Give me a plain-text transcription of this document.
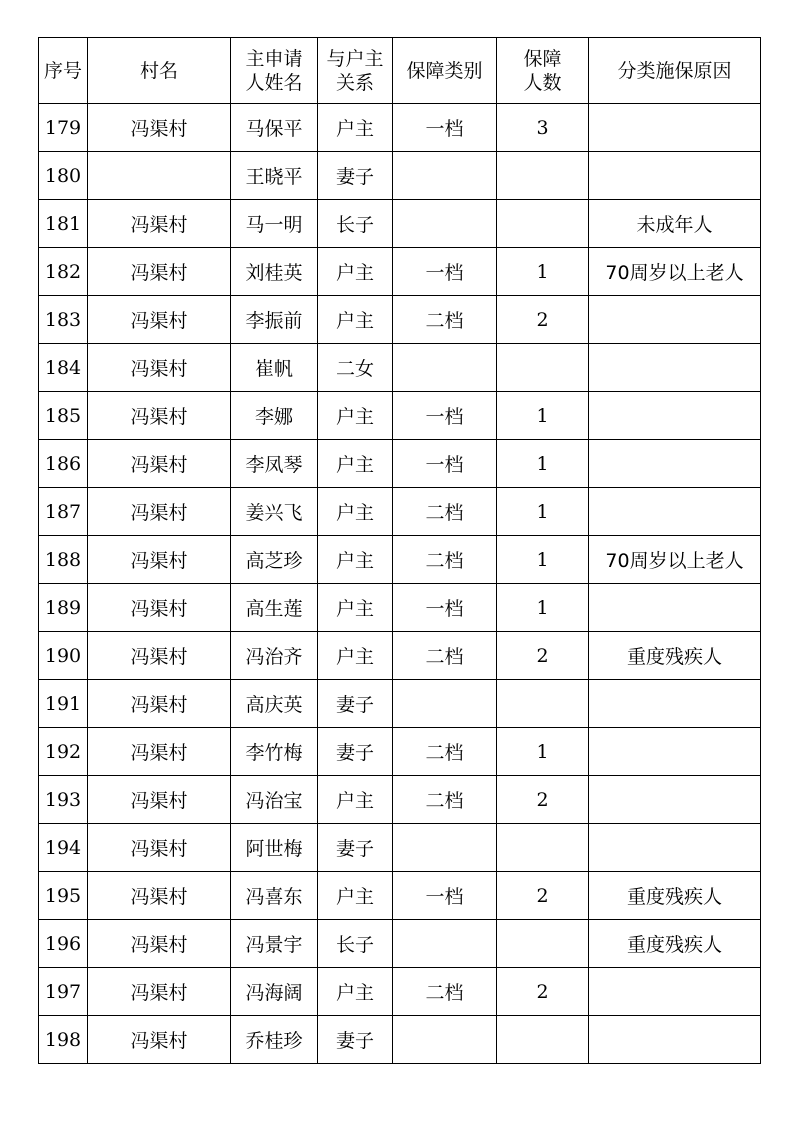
序号	村名	主申请人姓名	与户主关系	保障类别	保障人数	分类施保原因
179	冯渠村	马保平	户主	一档	3	
180		王晓平	妻子			
181	冯渠村	马一明	长子			未成年人
182	冯渠村	刘桂英	户主	一档	1	70周岁以上老人
183	冯渠村	李振前	户主	二档	2	
184	冯渠村	崔帆	二女			
185	冯渠村	李娜	户主	一档	1	
186	冯渠村	李凤琴	户主	一档	1	
187	冯渠村	姜兴飞	户主	二档	1	
188	冯渠村	高芝珍	户主	二档	1	70周岁以上老人
189	冯渠村	高生莲	户主	一档	1	
190	冯渠村	冯治齐	户主	二档	2	重度残疾人
191	冯渠村	高庆英	妻子			
192	冯渠村	李竹梅	妻子	二档	1	
193	冯渠村	冯治宝	户主	二档	2	
194	冯渠村	阿世梅	妻子			
195	冯渠村	冯喜东	户主	一档	2	重度残疾人
196	冯渠村	冯景宇	长子			重度残疾人
197	冯渠村	冯海阔	户主	二档	2	
198	冯渠村	乔桂珍	妻子			
